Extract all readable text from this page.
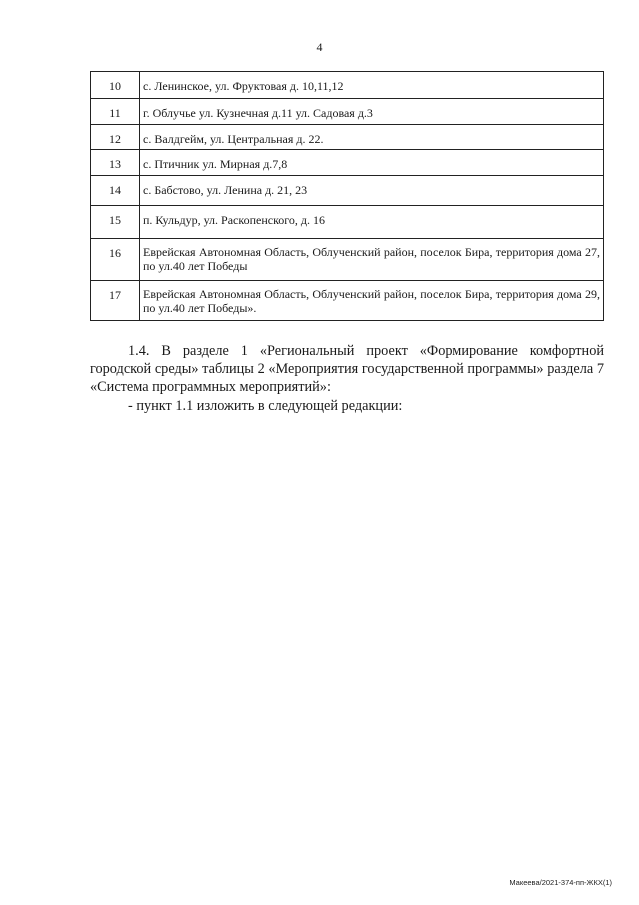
4
10	с. Ленинское, ул. Фруктовая д. 10,11,12
11	г. Облучье ул. Кузнечная д.11 ул. Садовая д.3
12	с. Валдгейм, ул. Центральная д. 22.
13	с. Птичник ул. Мирная д.7,8
14	с. Бабстово, ул. Ленина д. 21, 23
15	п. Кульдур, ул. Раскопенского, д. 16
16	Еврейская Автономная Область, Облученский район, поселок Бира, территория дома 27, по ул.40 лет Победы
17	Еврейская Автономная Область, Облученский район, поселок Бира, территория дома 29, по ул.40 лет Победы».
1.4. В разделе 1 «Региональный проект «Формирование комфортной городской среды» таблицы 2 «Мероприятия государственной программы» раздела 7 «Система программных мероприятий»:
- пункт 1.1 изложить в следующей редакции:
Макеева/2021-374-пп-ЖКХ(1)
